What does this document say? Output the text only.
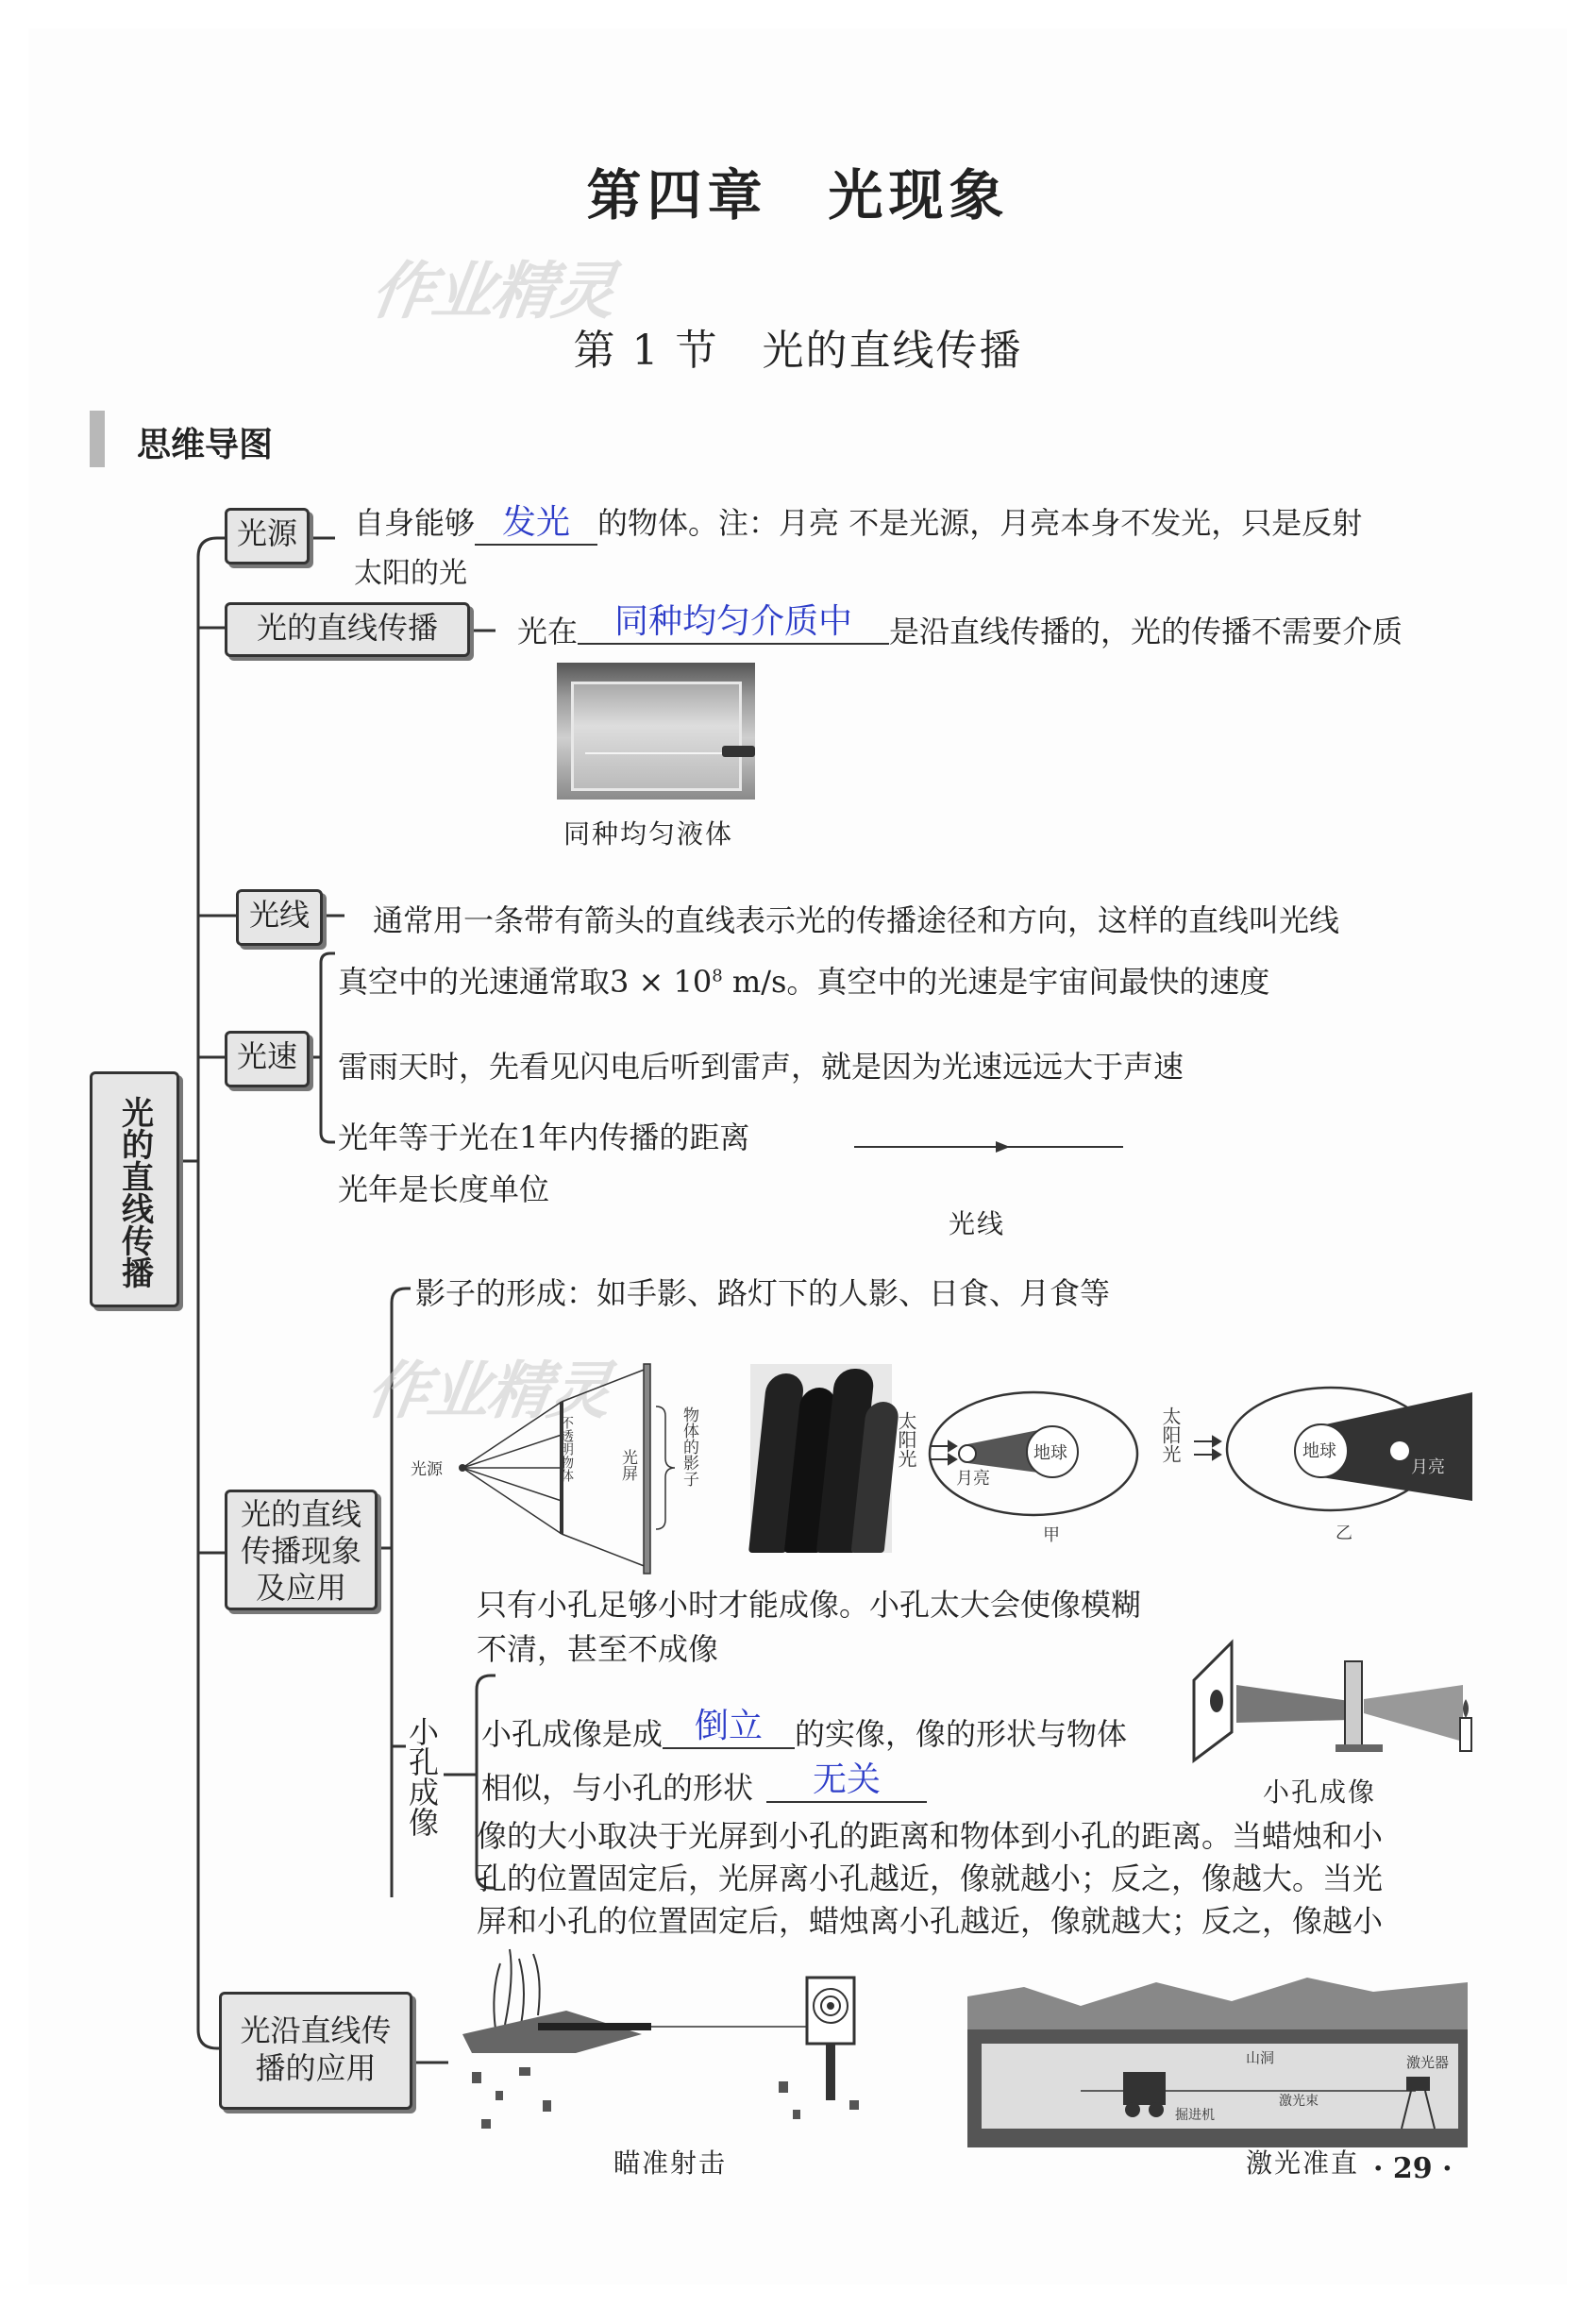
第四章　光现象
作业精灵
第 1 节　光的直线传播
思维导图
光的直线传播
光源	自身能够 发光 的物体。注：月亮 不是光源，月亮本身不发光，只是反射
太阳的光
光的直线传播	光在 同种均匀介质中 是沿直线传播的，光的传播不需要介质
同种均匀液体
光线	通常用一条带有箭头的直线表示光的传播途径和方向，这样的直线叫光线
光速
真空中的光速通常取$3 \times 10^8$ m/s。真空中的光速是宇宙间最快的速度
雷雨天时，先看见闪电后听到雷声，就是因为光速远远大于声速
光年等于光在1年内传播的距离
光年是长度单位
光线
光的直线传播现象及应用
影子的形成：如手影、路灯下的人影、日食、月食等
作业精灵
光源	不透明物体	光屏	物体的影子	太阳光	地球
月亮
甲
太阳光	地球
月亮
乙
只有小孔足够小时才能成像。小孔太大会使像模糊
不清，甚至不成像
小孔成像 小孔成像是成 倒立 的实像，像的形状与物体
相似，与小孔的形状 无关	小孔成像
像的大小取决于光屏到小孔的距离和物体到小孔的距离。当蜡烛和小
孔的位置固定后，光屏离小孔越近，像就越小；反之，像越大。当光
屏和小孔的位置固定后，蜡烛离小孔越近，像就越大；反之，像越小
光沿直线传播的应用
瞄准射击
山洞	激光器
激光束
掘进机
激光准直 · 29 ·
